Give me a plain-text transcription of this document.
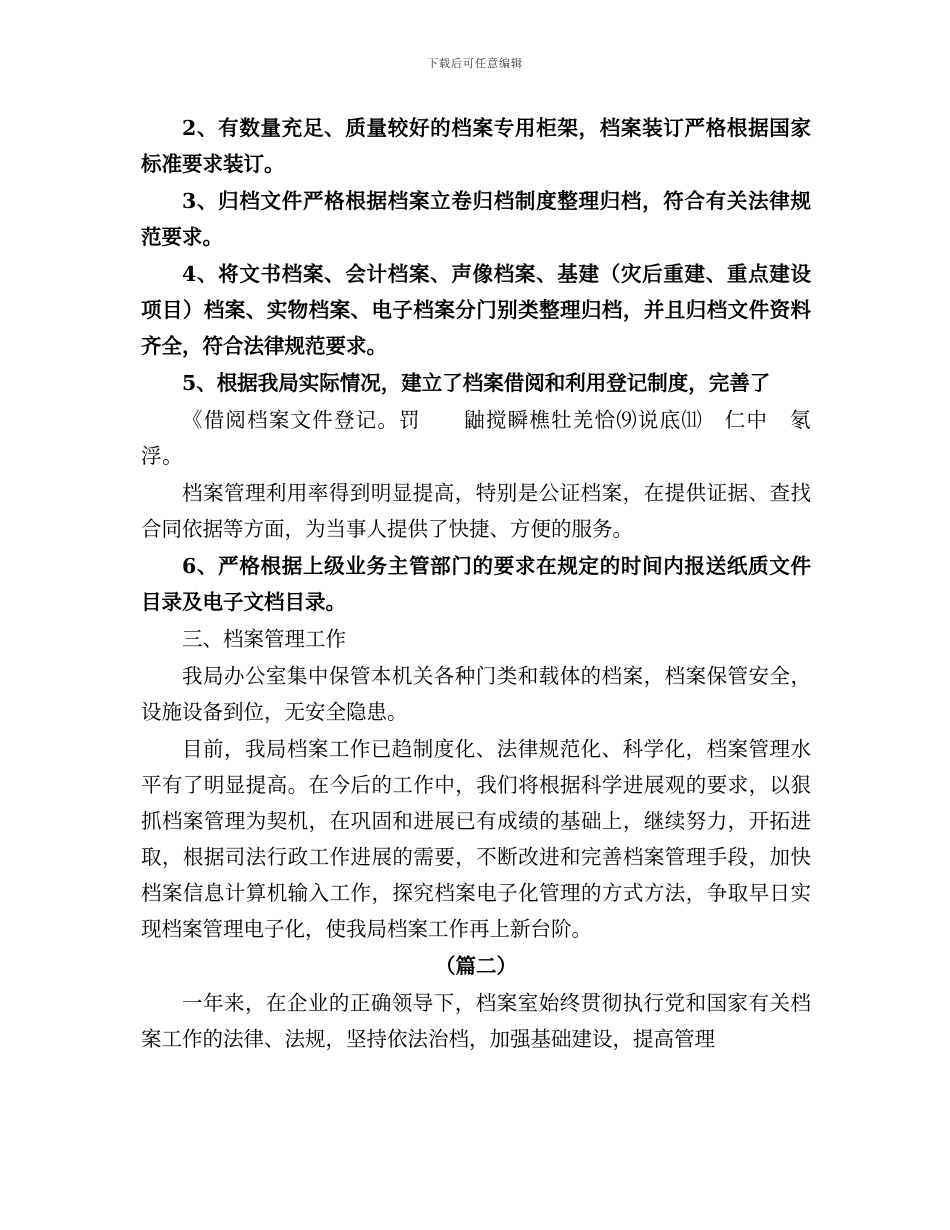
下载后可任意编辑

2、有数量充足、质量较好的档案专用柜架，档案装订严格根据国家标准要求装订。

3、归档文件严格根据档案立卷归档制度整理归档，符合有关法律规范要求。

4、将文书档案、会计档案、声像档案、基建（灾后重建、重点建设项目）档案、实物档案、电子档案分门别类整理归档，并且归档文件资料齐全，符合法律规范要求。

5、根据我局实际情况，建立了档案借阅和利用登记制度，完善了

《借阅档案文件登记。罚　　鼬搅瞬樵牡羌恰⑼说底⑾　仁中　氡浮。

档案管理利用率得到明显提高，特别是公证档案，在提供证据、查找合同依据等方面，为当事人提供了快捷、方便的服务。

6、严格根据上级业务主管部门的要求在规定的时间内报送纸质文件目录及电子文档目录。

三、档案管理工作

我局办公室集中保管本机关各种门类和载体的档案，档案保管安全，设施设备到位，无安全隐患。

目前，我局档案工作已趋制度化、法律规范化、科学化，档案管理水平有了明显提高。在今后的工作中，我们将根据科学进展观的要求，以狠抓档案管理为契机，在巩固和进展已有成绩的基础上，继续努力，开拓进取，根据司法行政工作进展的需要，不断改进和完善档案管理手段，加快档案信息计算机输入工作，探究档案电子化管理的方式方法，争取早日实现档案管理电子化，使我局档案工作再上新台阶。

（篇二）

一年来，在企业的正确领导下，档案室始终贯彻执行党和国家有关档案工作的法律、法规，坚持依法治档，加强基础建设，提高管理
